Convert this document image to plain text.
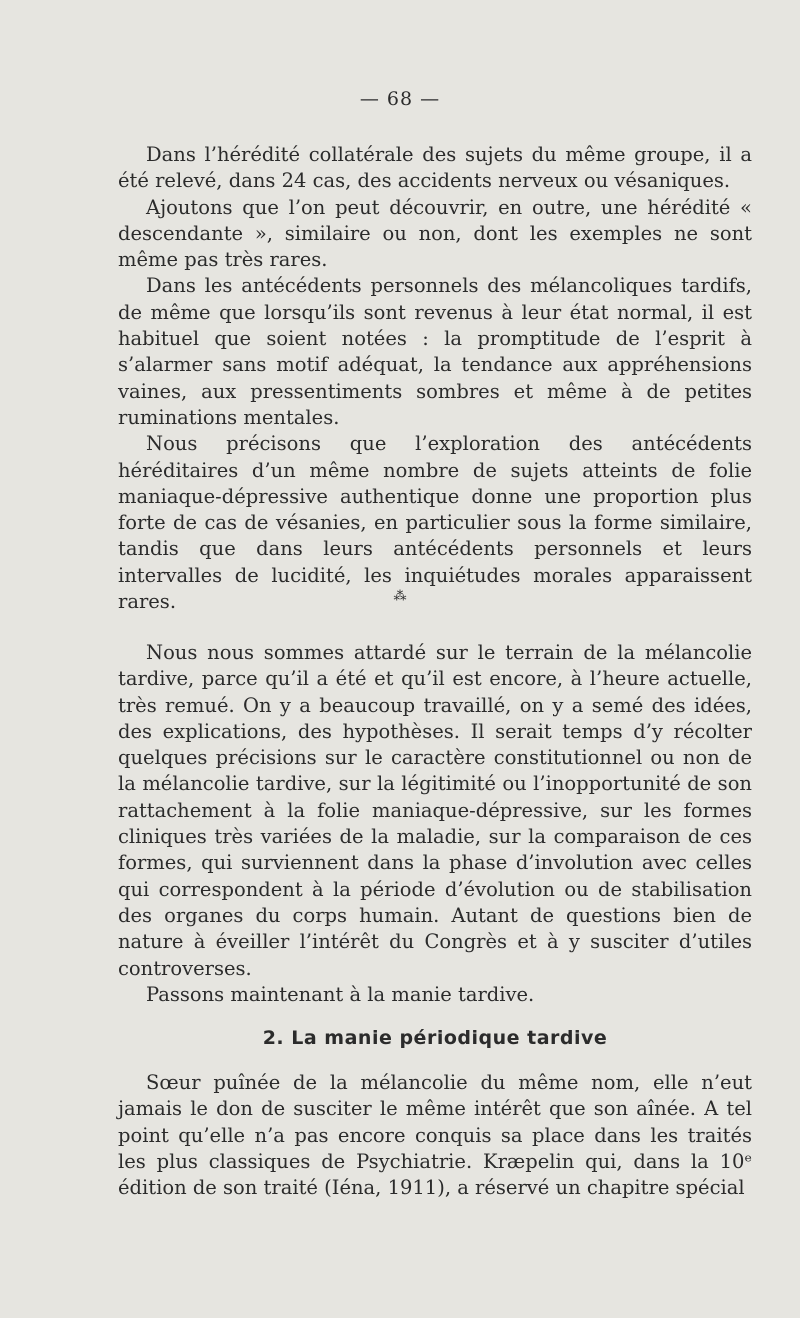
— 68 —

Dans l’hérédité collatérale des sujets du même groupe, il a été relevé, dans 24 cas, des accidents nerveux ou vésaniques.

Ajoutons que l’on peut découvrir, en outre, une hérédité « descendante », similaire ou non, dont les exemples ne sont même pas très rares.

Dans les antécédents personnels des mélancoliques tardifs, de même que lorsqu’ils sont revenus à leur état normal, il est habituel que soient notées : la promptitude de l’esprit à s’alarmer sans motif adéquat, la tendance aux appréhensions vaines, aux pressentiments sombres et même à de petites ruminations mentales.

Nous précisons que l’exploration des antécédents héréditaires d’un même nombre de sujets atteints de folie maniaque-dépressive authentique donne une proportion plus forte de cas de vésanies, en particulier sous la forme similaire, tandis que dans leurs antécédents personnels et leurs intervalles de lucidité, les inquiétudes morales apparaissent rares.	⁂

Nous nous sommes attardé sur le terrain de la mélancolie tardive, parce qu’il a été et qu’il est encore, à l’heure actuelle, très remué. On y a beaucoup travaillé, on y a semé des idées, des explications, des hypothèses. Il serait temps d’y récolter quelques précisions sur le caractère constitutionnel ou non de la mélancolie tardive, sur la légitimité ou l’inopportunité de son rattachement à la folie maniaque-dépressive, sur les formes cliniques très variées de la maladie, sur la comparaison de ces formes, qui surviennent dans la phase d’involution avec celles qui correspondent à la période d’évolution ou de stabilisation des organes du corps humain. Autant de questions bien de nature à éveiller l’intérêt du Congrès et à y susciter d’utiles controverses.

Passons maintenant à la manie tardive.

2. La manie périodique tardive

Sœur puînée de la mélancolie du même nom, elle n’eut jamais le don de susciter le même intérêt que son aînée. A tel point qu’elle n’a pas encore conquis sa place dans les traités les plus classiques de Psychiatrie. Kræpelin qui, dans la 10ᵉ édition de son traité (Iéna, 1911), a réservé un chapitre spécial
